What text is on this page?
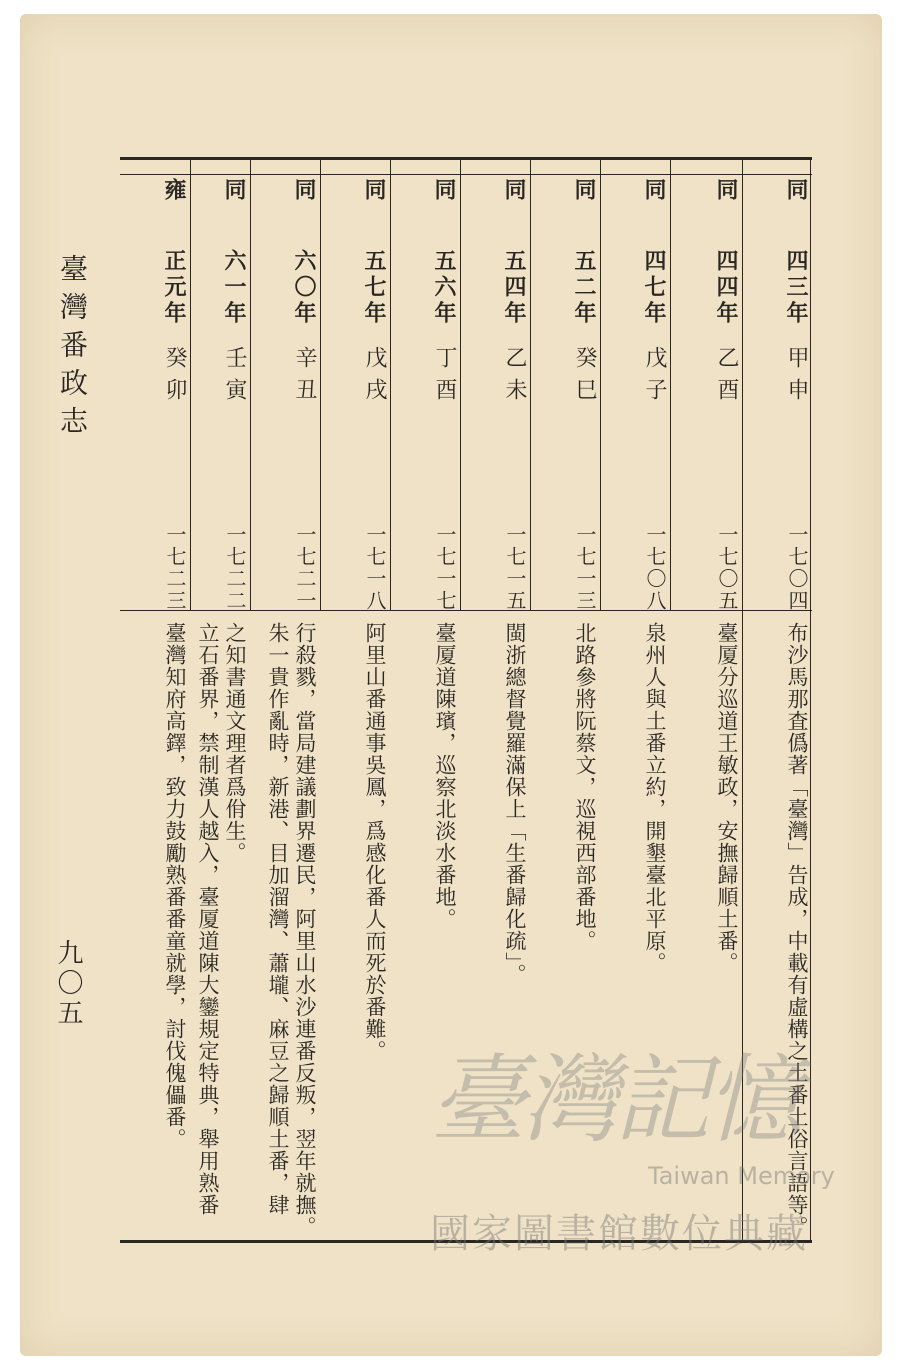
臺灣番政志
九〇五
同
四三年
甲申
一七〇四
布沙馬那査僞著「臺灣」告成，中載有虛構之土番土俗言語等。
同
四四年
乙酉
一七〇五
臺厦分巡道王敏政，安撫歸順土番。
同
四七年
戊子
一七〇八
泉州人與土番立約，開墾臺北平原。
同
五二年
癸巳
一七一三
北路參將阮蔡文，巡視西部番地。
同
五四年
乙未
一七一五
閩浙總督覺羅滿保上「生番歸化疏」。
同
五六年
丁酉
一七一七
臺厦道陳璸，巡察北淡水番地。
同
五七年
戊戌
一七一八
阿里山番通事吳鳳，爲感化番人而死於番難。
同
六〇年
辛丑
一七二一
朱一貴作亂時，新港、目加溜灣、蕭壠、麻豆之歸順土番，肆 行殺戮，當局建議劃界遷民，阿里山水沙連番反叛，翌年就撫。
同
六一年
壬寅
一七二二
立石番界，禁制漢人越入，臺厦道陳大鑾規定特典，舉用熟番 之知書通文理者爲佾生。
雍
正元年
癸卯
一七二三
臺灣知府高鐸，致力鼓勵熟番番童就學，討伐傀儡番。	臺灣記憶
Taiwan Memory
國家圖書館數位典藏
